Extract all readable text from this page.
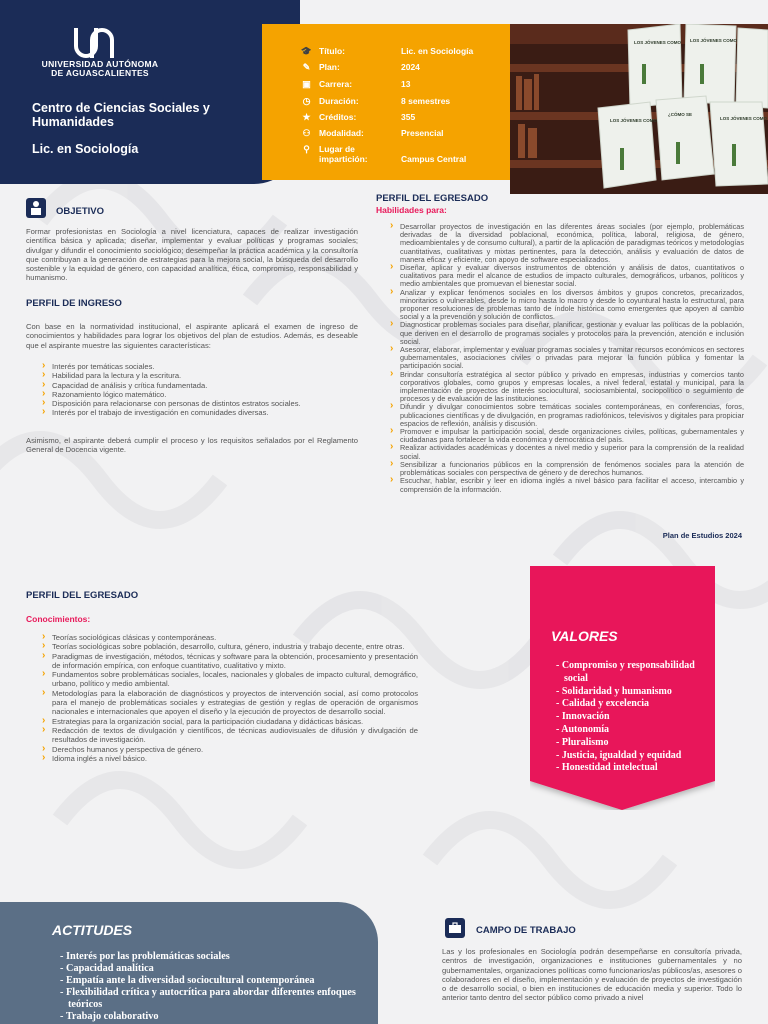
UNIVERSIDAD AUTÓNOMA
DE AGUASCALIENTES
Centro de Ciencias Sociales y Humanidades
Lic. en Sociología
🎓 Título:	Lic. en Sociología
✎	Plan:	2024
▣ Carrera:	13
◷	Duración:	8 semestres
★ Créditos:	355
⚇ Modalidad:	Presencial
⚲	Lugar de impartición:	Campus Central
LOS JÓVENES COMO LOS JÓVENES COMO
LOS JÓVENES COMO
¿CÓMO SE
LOS JÓVENES COMO
OBJETIVO
Formar profesionistas en Sociología a nivel licenciatura, capaces de realizar investigación científica básica y aplicada; diseñar, implementar y evaluar políticas y programas sociales; divulgar y difundir el conocimiento sociológico; desempeñar la práctica académica y la consultoría que contribuyan a la generación de estrategias para la mejora social, la búsqueda del desarrollo sostenible y la equidad de género, con capacidad analítica, ética, compromiso, responsabilidad y humanismo.
PERFIL DE INGRESO
Con base en la normatividad institucional, el aspirante aplicará el examen de ingreso de conocimientos y habilidades para lograr los objetivos del plan de estudios. Además, es deseable que el aspirante muestre las siguientes características:
› Interés por temáticas sociales.
› Habilidad para la lectura y la escritura.
› Capacidad de análisis y crítica fundamentada.
› Razonamiento lógico matemático.
› Disposición para relacionarse con personas de distintos estratos sociales.
› Interés por el trabajo de investigación en comunidades diversas.
Asimismo, el aspirante deberá cumplir el proceso y los requisitos señalados por el Reglamento General de Docencia vigente.
PERFIL DEL EGRESADO
Habilidades para:
› Desarrollar proyectos de investigación en las diferentes áreas sociales (por ejemplo, problemáticas derivadas de la diversidad poblacional, económica, política, laboral, religiosa, de género, medioambientales y de consumo cultural), a partir de la aplicación de paradigmas teóricos y metodologías cuantitativas, cualitativas y mixtas pertinentes, para la detección, análisis y evaluación de datos de manera eficaz y eficiente, con apoyo de software especializados.
› Diseñar, aplicar y evaluar diversos instrumentos de obtención y análisis de datos, cuantitativos o cualitativos para medir el alcance de estudios de impacto culturales, demográficos, urbanos, políticos y medio ambientales que promuevan el bienestar social.
› Analizar y explicar fenómenos sociales en los diversos ámbitos y grupos concretos, precarizados, minoritarios o vulnerables, desde lo micro hasta lo macro y desde lo coyuntural hasta lo estructural, para proponer resoluciones de problemas tanto de índole histórica como emergentes que apoyen al cambio social y a la prevención y solución de conflictos.
› Diagnosticar problemas sociales para diseñar, planificar, gestionar y evaluar las políticas de la población, que deriven en el desarrollo de programas sociales y protocolos para la prevención, atención e inclusión social.
› Asesorar, elaborar, implementar y evaluar programas sociales y tramitar recursos económicos en sectores gubernamentales, asociaciones civiles o privadas para mejorar la función pública y fomentar la participación social.
› Brindar consultoría estratégica al sector público y privado en empresas, industrias y comercios tanto corporativos globales, como grupos y empresas locales, a nivel federal, estatal y municipal, para la implementación de proyectos de interés sociocultural, sociosambiental, sociopolítico o seguimiento de procesos y de evaluación de las instituciones.
› Difundir y divulgar conocimientos sobre temáticas sociales contemporáneas, en conferencias, foros, publicaciones científicas y de divulgación, en programas radiofónicos, televisivos y digitales para propiciar espacios de reflexión, análisis y discusión.
› Promover e impulsar la participación social, desde organizaciones civiles, políticas, gubernamentales y ciudadanas para fortalecer la vida económica y democrática del país.
› Realizar actividades académicas y docentes a nivel medio y superior para la comprensión de la realidad social.
› Sensibilizar a funcionarios públicos en la comprensión de fenómenos sociales para la atención de problemáticas sociales con perspectiva de género y de derechos humanos.
› Escuchar, hablar, escribir y leer en idioma inglés a nivel básico para facilitar el acceso, intercambio y comprensión de la información.
Plan de Estudios 2024
PERFIL DEL EGRESADO
Conocimientos:
› Teorías sociológicas clásicas y contemporáneas.
› Teorías sociológicas sobre población, desarrollo, cultura, género, industria y trabajo decente, entre otras.
› Paradigmas de investigación, métodos, técnicas y software para la obtención, procesamiento y presentación de información empírica, con enfoque cuantitativo, cualitativo y mixto.
› Fundamentos sobre problemáticas sociales, locales, nacionales y globales de impacto cultural, demográfico, urbano, político y medio ambiental.
› Metodologías para la elaboración de diagnósticos y proyectos de intervención social, así como protocolos para el manejo de problemáticas sociales y estrategias de gestión y reglas de operación de organismos nacionales e internacionales que apoyen el diseño y la ejecución de proyectos de desarrollo social.
› Estrategias para la organización social, para la participación ciudadana y didácticas básicas.
› Redacción de textos de divulgación y científicos, de técnicas audiovisuales de difusión y divulgación de resultados de investigación.
› Derechos humanos y perspectiva de género.
› Idioma inglés a nivel básico.
VALORES
- Compromiso y responsabilidad social
- Solidaridad y humanismo
- Calidad y excelencia
- Innovación
- Autonomía
- Pluralismo
- Justicia, igualdad y equidad
- Honestidad intelectual
ACTITUDES
- Interés por las problemáticas sociales
- Capacidad analítica
- Empatía ante la diversidad sociocultural contemporánea
- Flexibilidad crítica y autocrítica para abordar diferentes enfoques teóricos
- Trabajo colaborativo
CAMPO DE TRABAJO
Las y los profesionales en Sociología podrán desempeñarse en consultoría privada, centros de investigación, organizaciones e instituciones gubernamentales y no gubernamentales, organizaciones políticas como funcionarios/as públicos/as, asesores o colaboradores en el diseño, implementación y evaluación de proyectos de investigación o de desarrollo social, o bien en instituciones de educación media y superior. Todo lo anterior tanto dentro del sector público como privado a nivel
